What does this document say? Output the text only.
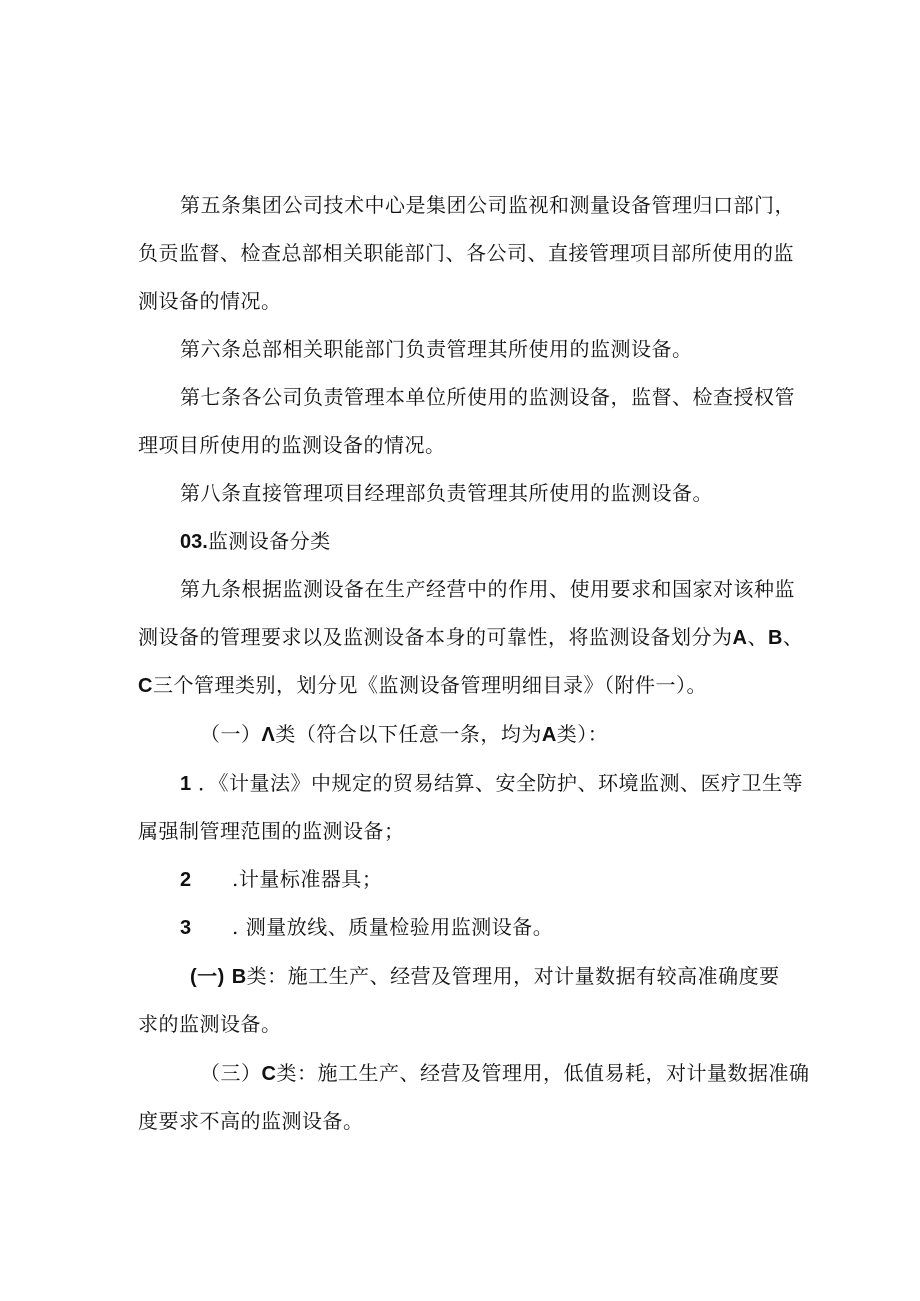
第五条集团公司技术中心是集团公司监视和测量设备管理归口部门，
负贡监督、检查总部相关职能部门、各公司、直接管理项目部所使用的监
测设备的情况。
第六条总部相关职能部门负责管理其所使用的监测设备。
第七条各公司负责管理本单位所使用的监测设备，监督、检查授权管
理项目所使用的监测设备的情况。
第八条直接管理项目经理部负责管理其所使用的监测设备。
03.监测设备分类
第九条根据监测设备在生产经营中的作用、使用要求和国家对该种监
测设备的管理要求以及监测设备本身的可靠性，将监测设备划分为A、B、
C三个管理类别，划分见《监测设备管理明细目录》（附件一）。
（一）Λ类（符合以下任意一条，均为A类）：
1 ．《计量法》中规定的贸易结算、安全防护、环境监测、医疗卫生等
属强制管理范围的监测设备；
2 .计量标准器具；
3 . 测量放线、质量检验用监测设备。
(一) B类：施工生产、经营及管理用，对计量数据有较高准确度要
求的监测设备。
（三）C类：施工生产、经营及管理用，低值易耗，对计量数据准确
度要求不高的监测设备。
